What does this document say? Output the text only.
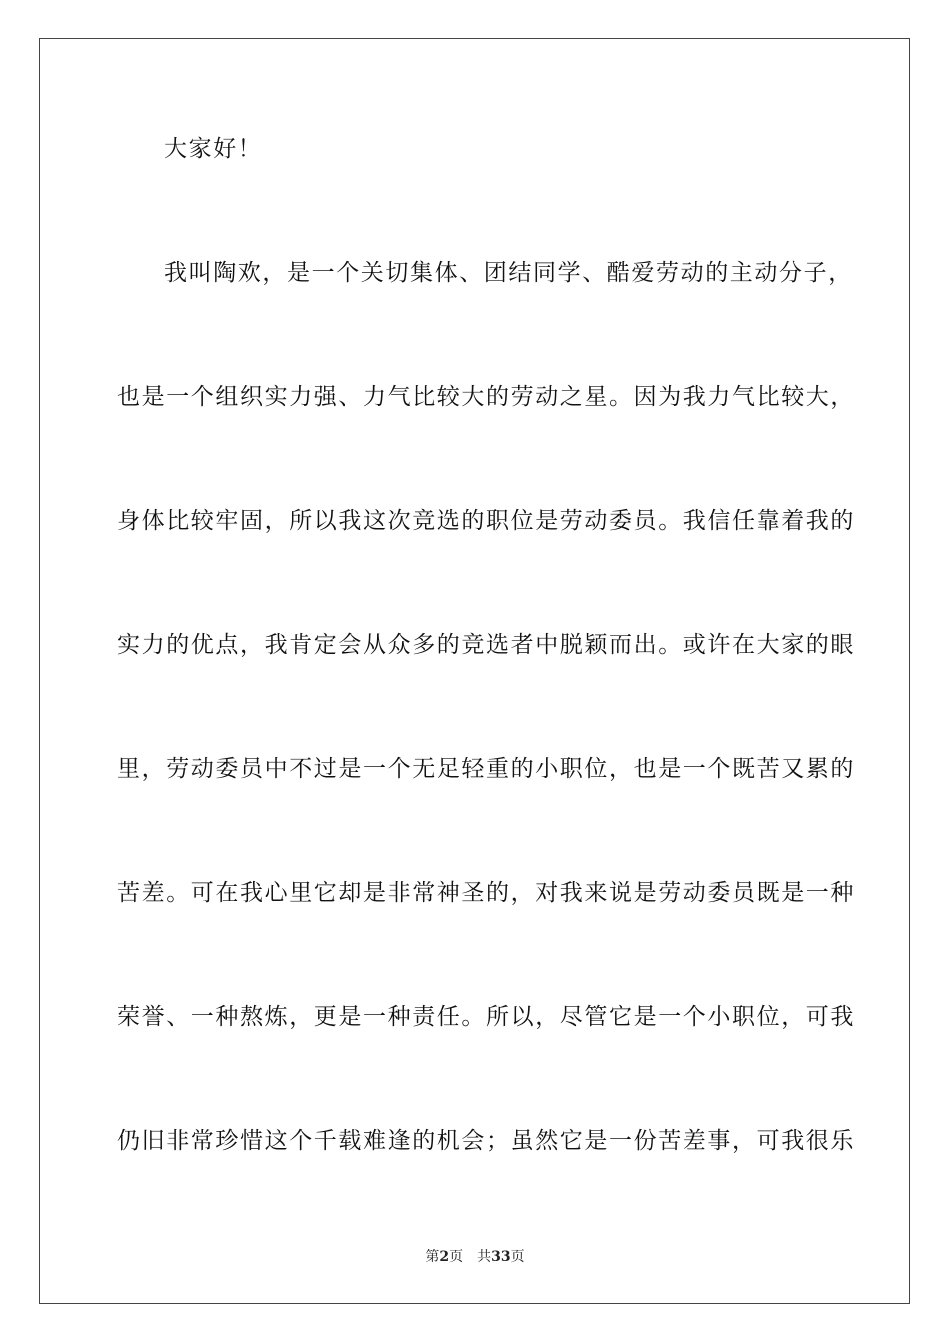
大家好！

我叫陶欢，是一个关切集体、团结同学、酷爱劳动的主动分子，

也是一个组织实力强、力气比较大的劳动之星。因为我力气比较大，

身体比较牢固，所以我这次竞选的职位是劳动委员。我信任靠着我的

实力的优点，我肯定会从众多的竞选者中脱颖而出。或许在大家的眼

里，劳动委员中不过是一个无足轻重的小职位，也是一个既苦又累的

苦差。可在我心里它却是非常神圣的，对我来说是劳动委员既是一种

荣誉、一种熬炼，更是一种责任。所以，尽管它是一个小职位，可我

仍旧非常珍惜这个千载难逢的机会；虽然它是一份苦差事，可我很乐

第2页 共33页
